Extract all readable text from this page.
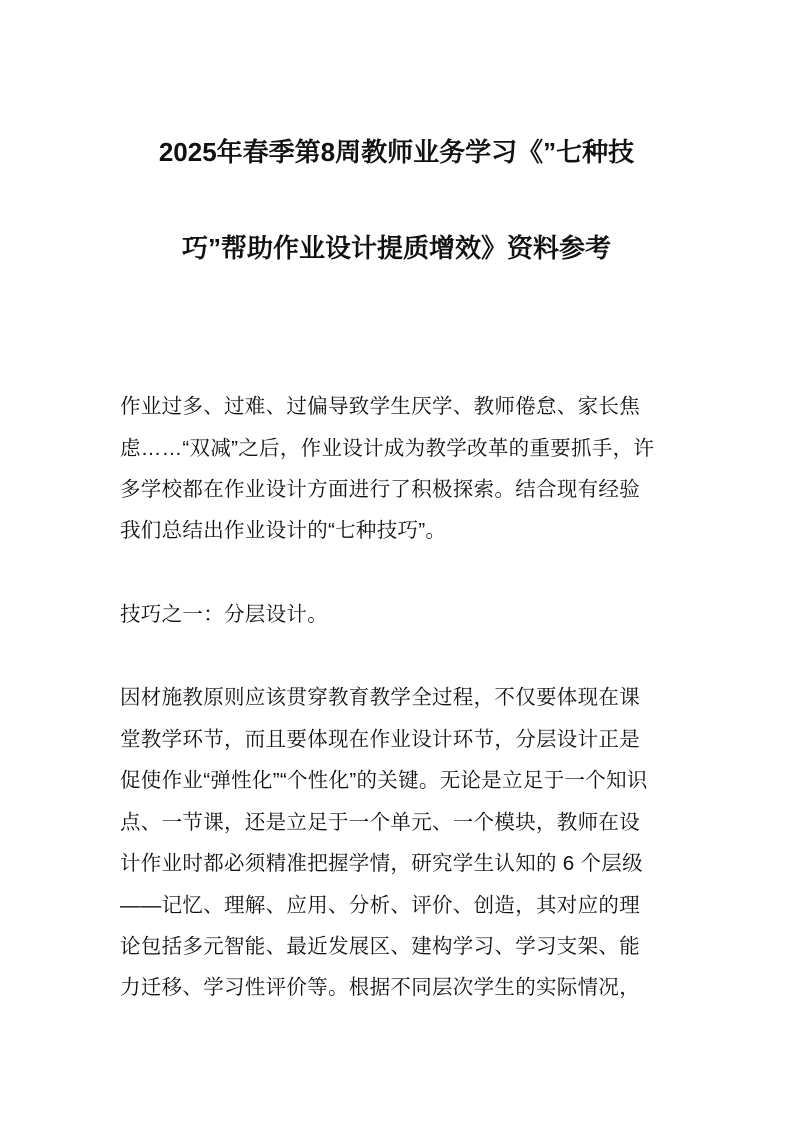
2025年春季第8周教师业务学习《”七种技
巧”帮助作业设计提质增效》资料参考
作业过多、过难、过偏导致学生厌学、教师倦怠、家长焦
虑……“双减”之后，作业设计成为教学改革的重要抓手，许
多学校都在作业设计方面进行了积极探索。结合现有经验
我们总结出作业设计的“七种技巧”。
技巧之一：分层设计。
因材施教原则应该贯穿教育教学全过程，不仅要体现在课
堂教学环节，而且要体现在作业设计环节，分层设计正是
促使作业“弹性化”“个性化”的关键。无论是立足于一个知识
点、一节课，还是立足于一个单元、一个模块，教师在设
计作业时都必须精准把握学情，研究学生认知的 6 个层级
——记忆、理解、应用、分析、评价、创造，其对应的理
论包括多元智能、最近发展区、建构学习、学习支架、能
力迁移、学习性评价等。根据不同层次学生的实际情况，
